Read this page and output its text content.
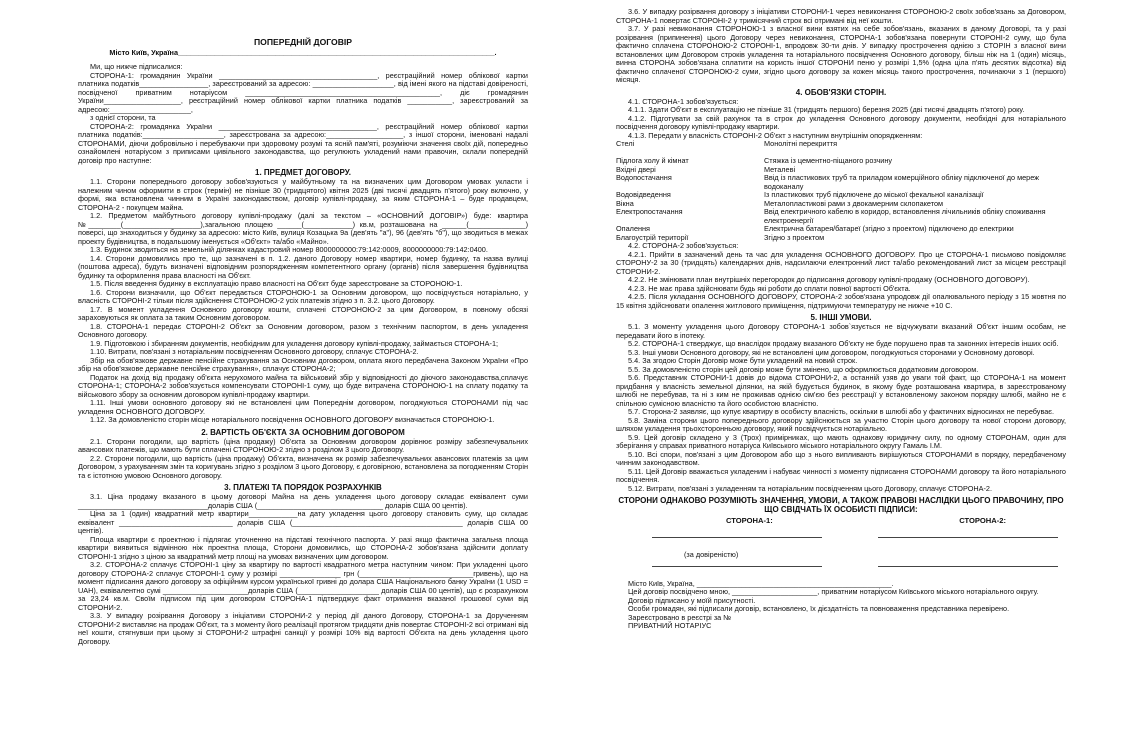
ПОПЕРЕДНІЙ ДОГОВІР

Місто Київ, Україна______________________________________________________________________________.

Ми, що нижче підписалися:

СТОРОНА-1: громадянин України _______________________________________, реєстраційний номер облікової картки платника податків_________________, зареєстрований за адресою: ____________________, від імені якого на підставі довіреності, посвідченої приватним нотаріусом ________________________________________________, діє громадянин України___________________, реєстраційний номер облікової картки платника податків ___________, зареєстрований за адресою:____________________,

з однієї сторони, та

СТОРОНА-2: громадянка України _______________________________________, реєстраційний номер облікової картки платника податків:____________________, зареєстрована за адресою:___________________, з іншої сторони, іменовані надалі СТОРОНАМИ, діючи добровільно і перебуваючи при здоровому розумі та ясній пам'яті, розуміючи значення своїх дій, попередньо ознайомлені нотаріусом з приписами цивільного законодавства, що регулюють укладений нами правочин, склали попередній договір про наступне:

1. ПРЕДМЕТ ДОГОВОРУ.

1.1. Сторони попереднього договору зобов'язуються у майбутньому та на визначених цим Договором умовах укласти і належним чином оформити в строк (термін) не пізніше 30 (тридцятого) квітня 2025 (дві тисячі двадцять п'ятого) року включно, у формі, яка встановлена чинним в Україні законодавством, договір купівлі-продажу, за яким СТОРОНА-1 – буде продавцем, СТОРОНА-2 - покупцем майна.

1.2. Предметом майбутнього договору купівлі-продажу (далі за текстом – «ОСНОВНИЙ ДОГОВІР») буде: квартира №________(___________________),загальною площею ______(____________) кв.м, розташована на ______(______________) поверсі, що знаходиться у будинку за адресою: місто Київ, вулиця Козацька 9а (дев'ять "а"), 96 (дев'ять "б"), що зводиться в межах проекту будівництва, в подальшому іменується «Об'єкт» та/або «Майно».

1.3. Будинок зводиться на земельній ділянках кадастровий номер 8000000000:79:142:0009, 8000000000:79:142:0400.

1.4. Сторони домовились про те, що зазначені в п. 1.2. даного Договору номер квартири, номер будинку, та назва вулиці (поштова адреса), будуть визначені відповідним розпорядженням компетентного органу (органів) після завершення будівництва будинку та оформлення права власності на Об'єкт.

1.5. Після введення будинку в експлуатацію право власності на Об'єкт буде зареєстроване за СТОРОНОЮ-1.

1.6. Сторони визначили, що Об'єкт передається СТОРОНОЮ-1 за Основним договором, що посвідчується нотаріально, у власність СТОРОНІ-2 тільки після здійснення СТОРОНОЮ-2 усіх платежів згідно з п. 3.2. цього Договору.

1.7. В момент укладення Основного договору кошти, сплачені СТОРОНОЮ-2 за цим Договором, в повному обсязі зараховуються як оплата за таким Основним договором.

1.8. СТОРОНА-1 передає СТОРОНІ-2 Об'єкт за Основним договором, разом з технічним паспортом, в день укладення Основного договору.

1.9. Підготовкою і збиранням документів, необхідним для укладення договору купівлі-продажу, займається СТОРОНА-1;

1.10. Витрати, пов'язані з нотаріальним посвідченням Основного договору, сплачує СТОРОНА-2.

Збір на обов'язкове державне пенсійне страхування за Основним договором, оплата якого передбачена Законом України «Про збір на обов'язкове державне пенсійне страхування», сплачує СТОРОНА-2;

Податок на дохід від продажу об'єкта нерухомого майна та військовий збір у відповідності до діючого законодавства,сплачує СТОРОНА-1; СТОРОНА-2 зобов'язується компенсувати СТОРОНІ-1 суму, що буде витрачена СТОРОНОЮ-1 на сплату податку та військового збору за основним договором купівлі-продажу квартири.

1.11. Інші умови основного договору які не встановлені цим Попереднім договором, погоджуються СТОРОНАМИ під час укладення ОСНОВНОГО ДОГОВОРУ.

1.12. За домовленістю сторін місце нотаріального посвідчення ОСНОВНОГО ДОГОВОРУ визначається СТОРОНОЮ-1.

2. ВАРТІСТЬ ОБ'ЄКТА ЗА ОСНОВНИМ ДОГОВОРОМ

2.1. Сторони погодили, що вартість (ціна продажу) Об'єкта за Основним договором дорівнює розміру забезпечувальних авансових платежів, що мають бути сплачені СТОРОНОЮ-2 згідно з розділом 3 цього Договору.

2.2. Сторони погодили, що вартість (ціна продажу) Об'єкта, визначена як розмір забезпечувальних авансових платежів за цим Договором, з урахуванням змін та коригувань згідно з розділом 3 цього Договору, є договірною, встановлена за погодженням Сторін та є істотною умовою Основного договору.

3. ПЛАТЕЖІ ТА ПОРЯДОК РОЗРАХУНКІВ

3.1. Ціна продажу вказаного в цьому договорі Майна на день укладення цього договору складає еквівалент суми ________________________________доларів США (_______________________________ доларів США 00 центів).

Ціна за 1 (один) квадратний метр квартири____________на дату укладення цього договору становить суму, що складає еквівалент ____________________________ доларів США (__________________________________________ доларів США 00 центів).

Площа квартири є проектною і підлягає уточненню на підставі технічного паспорта. У разі якщо фактична загальна площа квартири виявиться відмінною ніж проектна площа, Сторони домовились, що СТОРОНА-2 зобов'язана здійснити доплату СТОРОНІ-1 згідно з ціною за квадратний метр площі на умовах визначених цим договором.

3.2. СТОРОНА-2 сплачує СТОРОНІ-1 ціну за квартиру по вартості квадратного метра наступним чином: При укладенні цього договору СТОРОНА-2 сплачує СТОРОНІ-1 суму у розмірі _______________ грн (____________________________гривень), що на момент підписання даного договору за офіційним курсом української гривні до долара США Національного банку України (1 USD = UAH), еквівалентно сумі _____________________доларів США (____________________ доларів США 00 центів), що є розрахунком за 23,24 кв.м. Своїм підписом під цим договором СТОРОНА-1 підтверджує факт отримання вказаної грошової суми від СТОРОНИ-2.

3.3. У випадку розірвання Договору з ініціативи СТОРОНИ-2 у період дії даного Договору, СТОРОНА-1 за Дорученням СТОРОНИ-2 виставляє на продаж Об'єкт, та з моменту його реалізації протягом тридцяти днів повертає СТОРОНІ-2 всі отримані від неї кошти, стягнувши при цьому зі СТОРОНИ-2 штрафні санкції у розмірі 10% від вартості Об'єкта на день укладення цього Договору.

3.6. У випадку розірвання договору з ініціативи СТОРОНИ-1 через невиконання СТОРОНОЮ-2 своїх зобов'язань за Договором, СТОРОНА-1 повертає СТОРОНІ-2 у тримісячний строк всі отримані від неї кошти.

3.7. У разі невиконання СТОРОНОЮ-1 з власної вини взятих на себе зобов'язань, вказаних в даному Договорі, та у разі розірвання (припинення) цього Договору через невиконання, СТОРОНА-1 зобов'язана повернути СТОРОНІ-2 суму, що була фактично сплачена СТОРОНОЮ-2 СТОРОНІ-1, впродовж 30-ти днів. У випадку прострочення однією з СТОРІН з власної вини встановлених цим Договором строків укладення та нотаріального посвідчення Основного договору, більш ніж на 1 (один) місяць, винна СТОРОНА зобов'язана сплатити на користь іншої СТОРОНИ пеню у розмірі 1,5% (одна ціла п'ять десятих відсотка) від фактично сплаченої СТОРОНОЮ-2 суми, згідно цього договору за кожен місяць такого прострочення, починаючи з 1 (першого) місяця.

4. ОБОВ'ЯЗКИ СТОРІН.

4.1. СТОРОНА-1 зобов'язується:

4.1.1. Здати Об'єкт в експлуатацію не пізніше 31 (тридцять першого) березня 2025 (дві тисячі двадцять п'ятого) року.

4.1.2. Підготувати за свій рахунок та в строк до укладення Основного договору документи, необхідні для нотаріального посвідчення договору купівлі-продажу квартири.

4.1.3. Передати у власність СТОРОНІ-2 Об'єкт з наступним внутрішнім опорядженням:

Стелі	Монолітні перекриття

Підлога холу й кімнат	Стяжка із цементно-піщаного розчину
Вхідні двері	Металеві
Водопостачання	Ввід із пластикових труб та приладом комерційного обліку підключеної до мереж водоканалу
Водовідведення	Із пластикових труб підключене до міської фекальної каналізації
Вікна	Металопластикові рами з двокамерним склопакетом
Електропостачання	Ввід електричного кабелю в коридор, встановлення лічильників обліку споживання електроенергії
Опалення	Електрична батарея/батареї (згідно з проектом) підключено до електрики
Благоустрій території	Згідно з проектом

4.2. СТОРОНА-2 зобов'язується:

4.2.1. Прийти в зазначений день та час для укладення ОСНОВНОГО ДОГОВОРУ. Про це СТОРОНА-1 письмово повідомляє СТОРОНУ-2 за 30 (тридцять) календарних днів, надсилаючи електронний лист та/або рекомендований лист за місцем реєстрації СТОРОНИ-2.

4.2.2. Не змінювати план внутрішніх перегородок до підписання договору купівлі-продажу (ОСНОВНОГО ДОГОВОРУ).

4.2.3. Не має права здійснювати будь які роботи до сплати повної вартості Об'єкта.

4.2.5. Після укладання ОСНОВНОГО ДОГОВОРУ, СТОРОНА-2 зобов'язана упродовж дії опалювального періоду з 15 жовтня по 15 квітня здійснювати опалення житлового приміщення, підтримуючи температуру не нижче +10 С.

5. ІНШІ УМОВИ.

5.1. З моменту укладення цього Договору СТОРОНА-1 зобов`язується не відчужувати вказаний Об'єкт іншим особам, не передавати його в іпотеку.

5.2. СТОРОНА-1 стверджує, що внаслідок продажу вказаного Об'єкту не буде порушено прав та законних інтересів інших осіб.

5.3. Інші умови Основного договору, які не встановлені цим договором, погоджуються сторонами у Основному договорі.

5.4. За згодою Сторін Договір може бути укладений на новий строк.

5.5. За домовленістю сторін цей договір може бути змінено, що оформлюється додатковим договором.

5.6. Представник СТОРОНИ-1 довів до відома СТОРОНИ-2, а останній узяв до уваги той факт, що СТОРОНА-1 на момент придбання у власність земельної ділянки, на якій будується будинок, в якому буде розташована квартира, в зареєстрованому шлюбі не перебував, та ні з ким не проживав однією сім'єю без реєстрації у встановленому законом порядку шлюбі, майно не є спільною сумісною власністю та його особистою власністю.

5.7. Сторона-2 заявляє, що купує квартиру в особисту власність, оскільки в шлюбі або у фактичних відносинах не перебуває.

5.8. Заміна сторони цього попереднього договору здійснюється за участю Сторін цього договору та нової сторони договору, шляхом укладення трьохсторонньою договору, який посвідчується нотаріально.

5.9. Цей договір складено у 3 (Трох) примірниках, що мають однакову юридичну силу, по одному СТОРОНАМ, один для зберігання у справах приватного нотаріуса Київського міського нотаріального округу Гамаль І.М.

5.10. Всі спори, пов'язані з цим Договором або що з нього випливають вирішуються СТОРОНАМИ в порядку, передбаченому чинним законодавством.

5.11. Цей Договір вважається укладеним і набуває чинності з моменту підписання СТОРОНАМИ договору та його нотаріального посвідчення.

5.12. Витрати, пов'язані з укладенням та нотаріальним посвідченням цього Договору, сплачує СТОРОНА-2.

СТОРОНИ ОДНАКОВО РОЗУМІЮТЬ ЗНАЧЕННЯ, УМОВИ, А ТАКОЖ ПРАВОВІ НАСЛІДКИ ЦЬОГО ПРАВОЧИНУ, ПРО ЩО СВІДЧАТЬ ЇХ ОСОБИСТІ ПІДПИСИ:
СТОРОНА-1:	СТОРОНА-2:
(за довіреністю)

Місто Київ, Україна, ________________________________________________.

Цей договір посвідчено мною, _____________________, приватним нотаріусом Київського міського нотаріального округу.

Договір підписано у моїй присутності.

Особи громадян, які підписали договір, встановлено, їх дієздатність та повноваження представника перевірено.

Зареєстровано в реєстрі за №

ПРИВАТНИЙ НОТАРІУС
